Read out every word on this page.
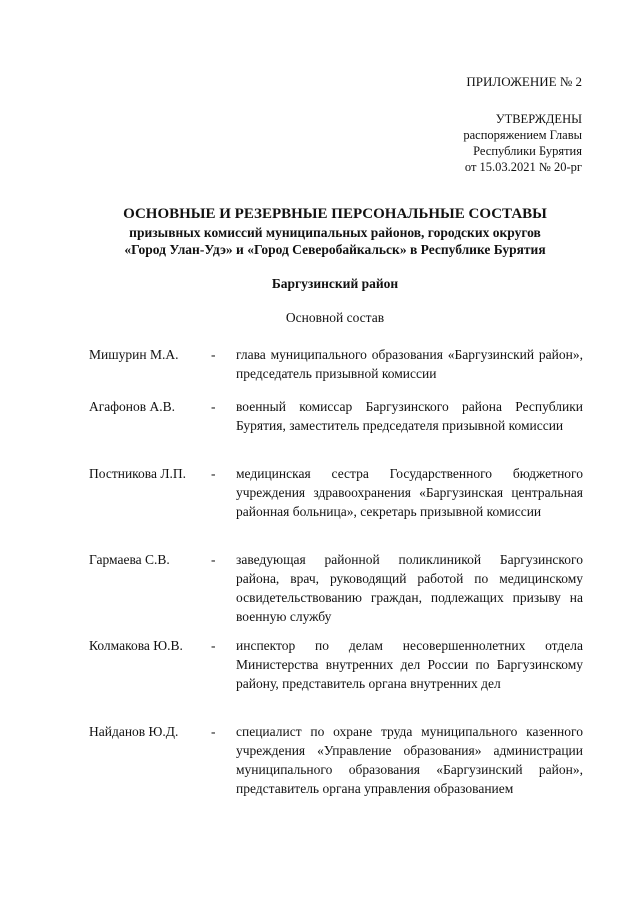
ПРИЛОЖЕНИЕ № 2
УТВЕРЖДЕНЫ
распоряжением Главы
Республики Бурятия
от 15.03.2021 № 20-рг
ОСНОВНЫЕ И РЕЗЕРВНЫЕ ПЕРСОНАЛЬНЫЕ СОСТАВЫ
призывных комиссий муниципальных районов, городских округов
«Город Улан-Удэ» и «Город Северобайкальск» в Республике Бурятия
Баргузинский район
Основной состав
Мишурин М.А. - глава муниципального образования «Баргузинский район», председатель призывной комиссии
Агафонов А.В.	- военный комиссар Баргузинского района Республики Бурятия, заместитель председателя призывной комиссии
Постникова Л.П. - медицинская сестра Государственного бюджетного учреждения здравоохранения «Баргузинская центральная районная больница», секретарь призывной комиссии
Гармаева С.В.	- заведующая районной поликлиникой Баргузинского района, врач, руководящий работой по медицинскому освидетельствованию граждан, подлежащих призыву на военную службу
Колмакова Ю.В. - инспектор по делам несовершеннолетних отдела Министерства внутренних дел России по Баргузинскому району, представитель органа внутренних дел
Найданов Ю.Д. - специалист по охране труда муниципального казенного учреждения «Управление образования» администрации муниципального образования «Баргузинский район», представитель органа управления образованием
